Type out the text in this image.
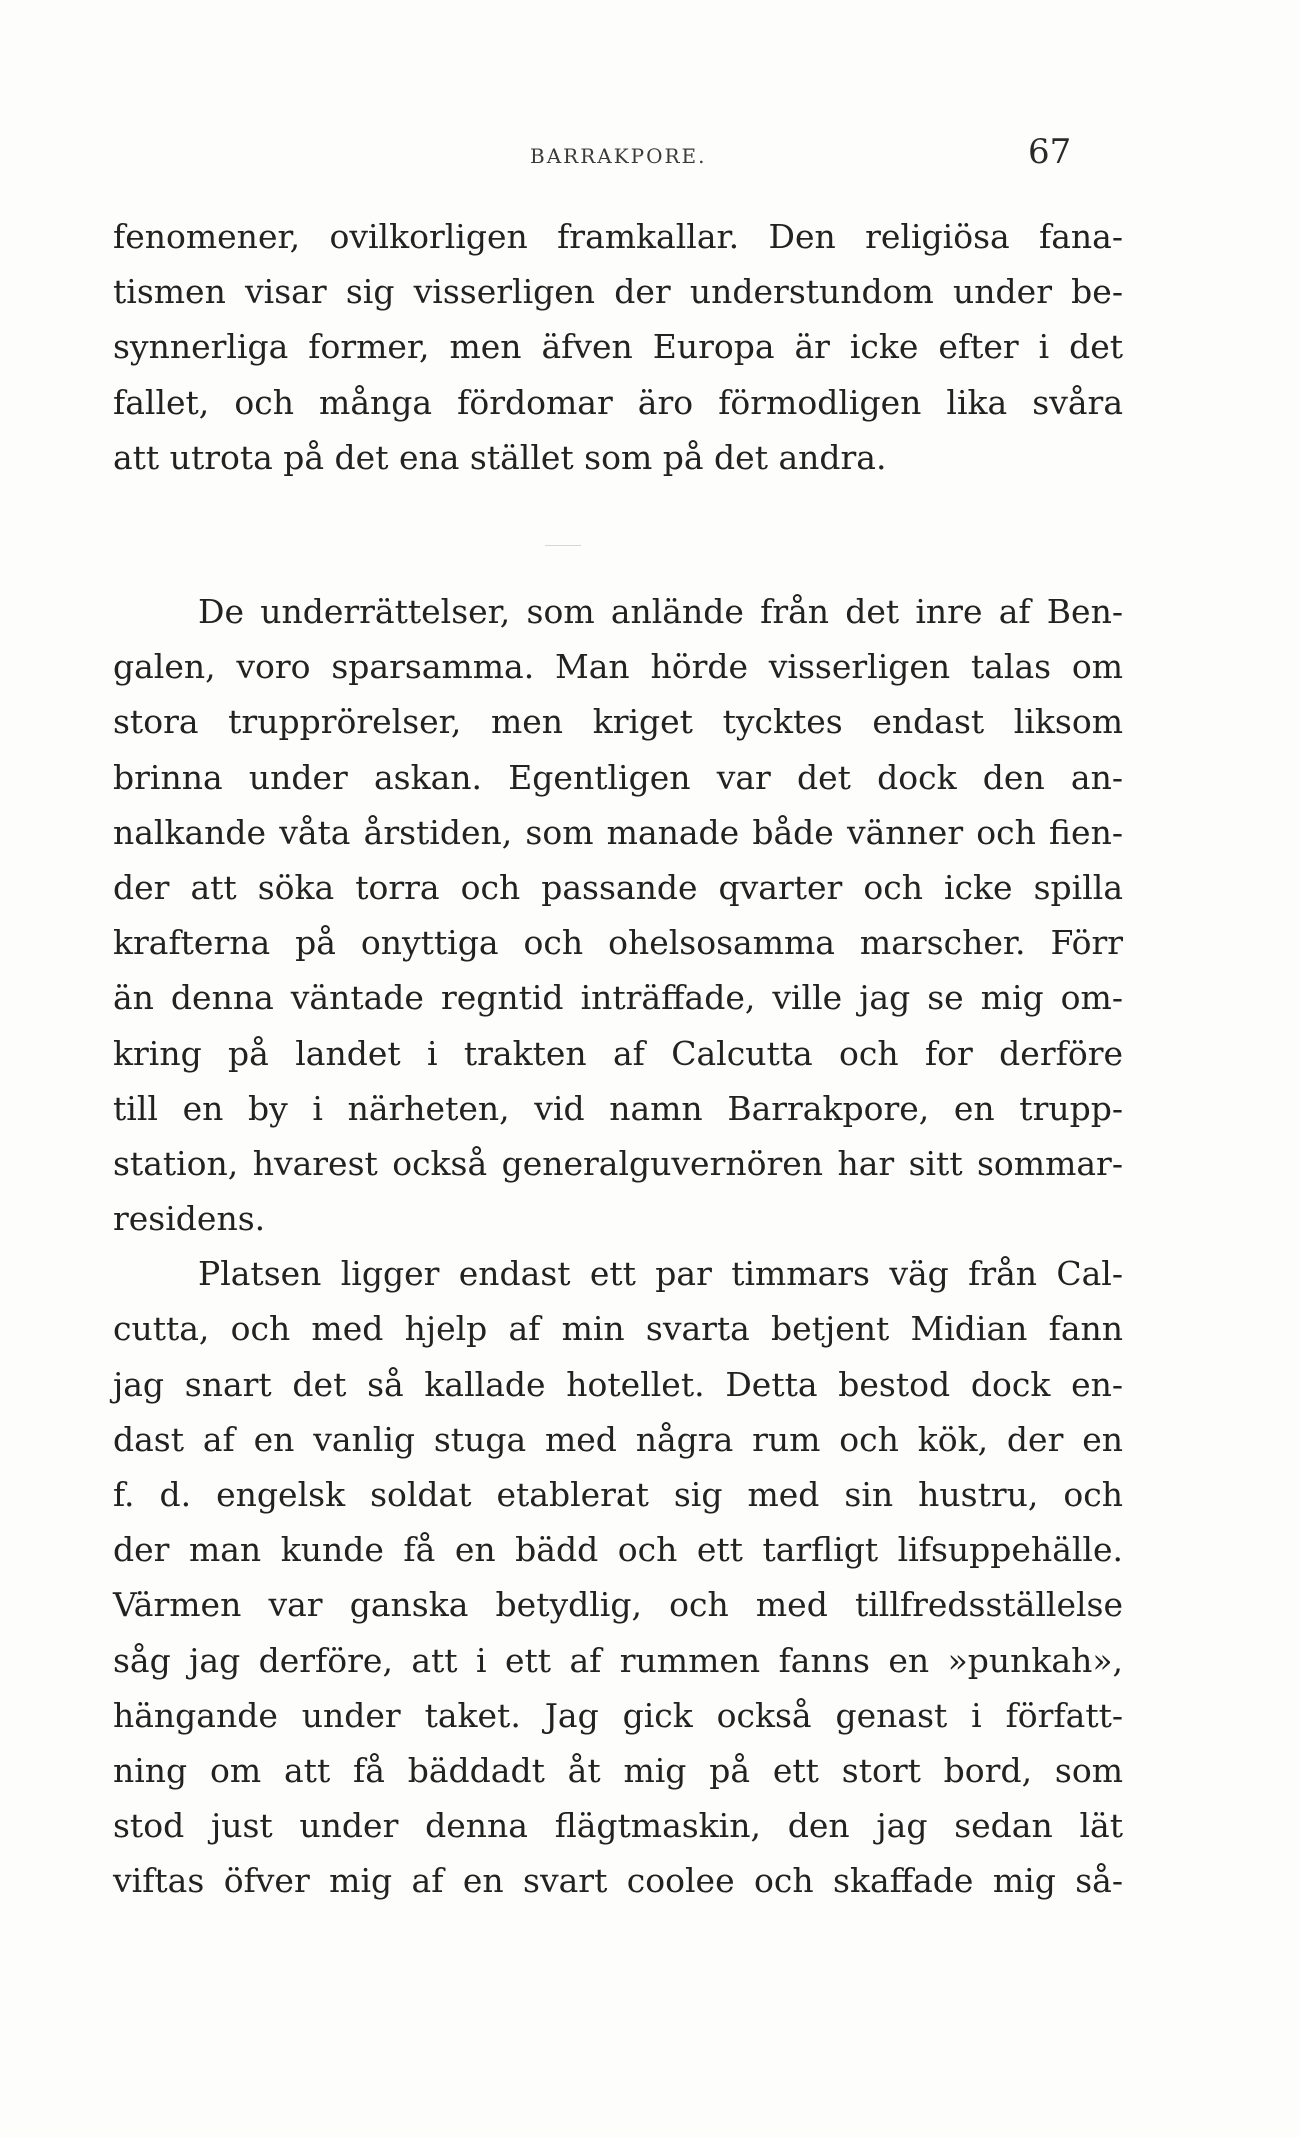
BARRAKPORE.	67
fenomener, ovilkorligen framkallar. Den religiösa fana-
tismen visar sig visserligen der understundom under be-
synnerliga former, men äfven Europa är icke efter i det
fallet, och många fördomar äro förmodligen lika svåra
att utrota på det ena stället som på det andra.
De underrättelser, som anlände från det inre af Ben-
galen, voro sparsamma. Man hörde visserligen talas om
stora trupprörelser, men kriget tycktes endast liksom
brinna under askan. Egentligen var det dock den an-
nalkande våta årstiden, som manade både vänner och fien-
der att söka torra och passande qvarter och icke spilla
krafterna på onyttiga och ohelsosamma marscher. Förr
än denna väntade regntid inträffade, ville jag se mig om-
kring på landet i trakten af Calcutta och for derföre
till en by i närheten, vid namn Barrakpore, en trupp-
station, hvarest också generalguvernören har sitt sommar-
residens.
Platsen ligger endast ett par timmars väg från Cal-
cutta, och med hjelp af min svarta betjent Midian fann
jag snart det så kallade hotellet. Detta bestod dock en-
dast af en vanlig stuga med några rum och kök, der en
f. d. engelsk soldat etablerat sig med sin hustru, och
der man kunde få en bädd och ett tarfligt lifsuppehälle.
Värmen var ganska betydlig, och med tillfredsställelse
såg jag derföre, att i ett af rummen fanns en »punkah»,
hängande under taket. Jag gick också genast i författ-
ning om att få bäddadt åt mig på ett stort bord, som
stod just under denna flägtmaskin, den jag sedan lät
viftas öfver mig af en svart coolee och skaffade mig så-
